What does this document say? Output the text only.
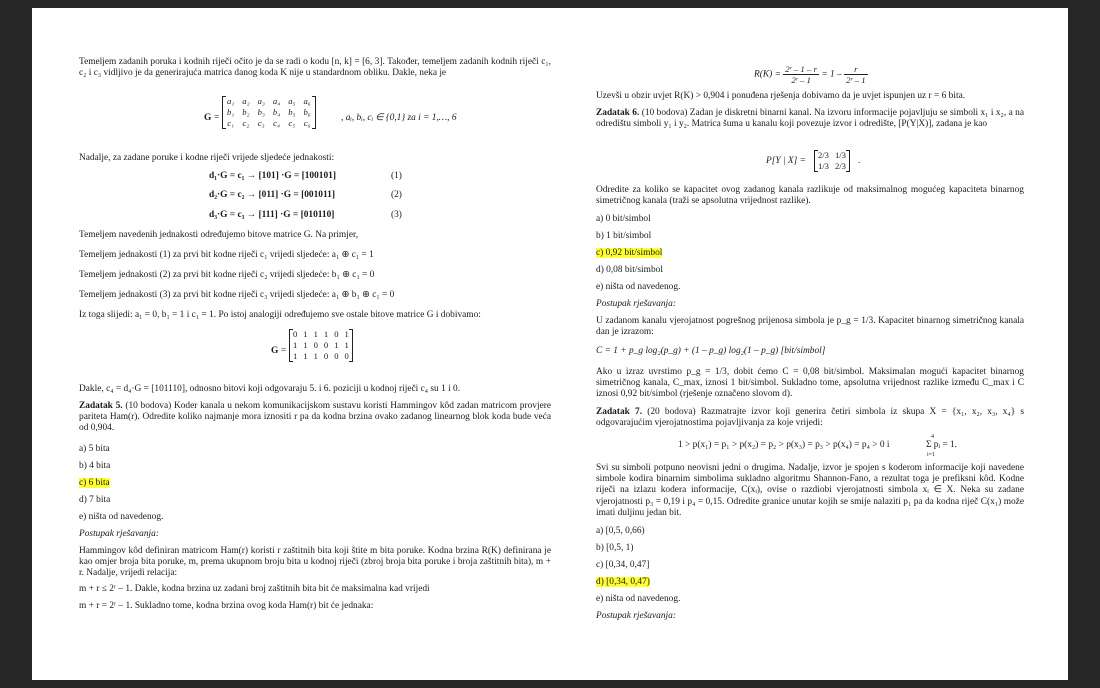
Temeljem zadanih poruka i kodnih riječi očito je da se radi o kodu [n, k] = [6, 3]. Također, temeljem zadanih kodnih riječi c₁, c₂ i c₃ vidljivo je da generirajuća matrica danog koda K nije u standardnom obliku. Dakle, neka je
G =
a₁	a₂	a₃	a₄	a₅	a₆
b₁	b₂	b₃	b₄	b₅	b₆
c₁	c₂	c₃	c₄	c₅	c₆	, aᵢ, bᵢ, cᵢ ∈ {0,1} za i = 1,…, 6
Nadalje, za zadane poruke i kodne riječi vrijede sljedeće jednakosti:
d₁·G = c₁ → [101] ·G = [100101]	(1)
d₂·G = c₂ → [011] ·G = [001011]	(2)
d₃·G = c₃ → [111] ·G = [010110]	(3)
Temeljem navedenih jednakosti određujemo bitove matrice G. Na primjer,
Temeljem jednakosti (1) za prvi bit kodne riječi c₁ vrijedi sljedeće: a₁ ⊕ c₁ = 1
Temeljem jednakosti (2) za prvi bit kodne riječi c₂ vrijedi sljedeće: b₁ ⊕ c₁ = 0
Temeljem jednakosti (3) za prvi bit kodne riječi c₃ vrijedi sljedeće: a₁ ⊕ b₁ ⊕ c₁ = 0
Iz toga slijedi: a₁ = 0, b₁ = 1 i c₁ = 1. Po istoj analogiji određujemo sve ostale bitove matrice G i dobivamo:
G =
0	1	1	1	0	1
1	1	0	0	1	1
1	1	1	0	0	0
Dakle, c₄ = d₄·G = [101110], odnosno bitovi koji odgovaraju 5. i 6. poziciji u kodnoj riječi c₄ su 1 i 0.
Zadatak 5. (10 bodova) Koder kanala u nekom komunikacijskom sustavu koristi Hammingov kôd zadan matricom provjere pariteta Ham(r). Odredite koliko najmanje mora iznositi r pa da kodna brzina ovako zadanog linearnog blok koda bude veća od 0,904.
a) 5 bita
b) 4 bita
c) 6 bita
d) 7 bita
e) ništa od navedenog.
Postupak rješavanja:
Hammingov kôd definiran matricom Ham(r) koristi r zaštitnih bita koji štite m bita poruke. Kodna brzina R(K) definirana je kao omjer broja bita poruke, m, prema ukupnom broju bita u kodnoj riječi (zbroj broja bita poruke i broja zaštitnih bita), m + r. Nadalje, vrijedi relacija:
m + r ≤ 2ʳ – 1. Dakle, kodna brzina uz zadani broj zaštitnih bita bit će maksimalna kad vrijedi
m + r = 2ʳ – 1. Sukladno tome, kodna brzina ovog koda Ham(r) bit će jednaka:
$R(K) = \frac{\text{2ʳ – 1 – r}}{\text{2ʳ – 1}} = 1 - \frac{r}{\text{2ʳ – 1}}$
Uzevši u obzir uvjet R(K) > 0,904 i ponuđena rješenja dobivamo da je uvjet ispunjen uz r = 6 bita.
Zadatak 6. (10 bodova) Zadan je diskretni binarni kanal. Na izvoru informacije pojavljuju se simboli x₁ i x₂, a na odredištu simboli y₁ i y₂. Matrica šuma u kanalu koji povezuje izvor i odredište, [P(Y|X)], zadana je kao
P[Y | X] =
2/3	1/3
1/3	2/3 .
Odredite za koliko se kapacitet ovog zadanog kanala razlikuje od maksimalnog mogućeg kapaciteta binarnog simetričnog kanala (traži se apsolutna vrijednost razlike).
a) 0 bit/simbol
b) 1 bit/simbol
c) 0,92 bit/simbol
d) 0,08 bit/simbol
e) ništa od navedenog.
Postupak rješavanja:
U zadanom kanalu vjerojatnost pogrešnog prijenosa simbola je p_g = 1/3. Kapacitet binarnog simetričnog kanala dan je izrazom:
C = 1 + p_g log₂(p_g) + (1 – p_g) log₂(1 – p_g) [bit/simbol]
Ako u izraz uvrstimo p_g = 1/3, dobit ćemo C = 0,08 bit/simbol. Maksimalan mogući kapacitet binarnog simetričnog kanala, C_max, iznosi 1 bit/simbol. Sukladno tome, apsolutna vrijednost razlike između C_max i C iznosi 0,92 bit/simbol (rješenje označeno slovom d).
Zadatak 7. (20 bodova) Razmatrajte izvor koji generira četiri simbola iz skupa X = {x₁, x₂, x₃, x₄} s odgovarajućim vjerojatnostima pojavljivanja za koje vrijedi:
1 > p(x₁) = p₁ > p(x₂) = p₂ > p(x₃) = p₃ > p(x₄) = p₄ > 0 i
4
i=1
Σ pᵢ = 1.
Svi su simboli potpuno neovisni jedni o drugima. Nadalje, izvor je spojen s koderom informacije koji navedene simbole kodira binarnim simbolima sukladno algoritmu Shannon-Fano, a rezultat toga je prefiksni kôd. Kodne riječi na izlazu kodera informacije, C(xᵢ), ovise o razdiobi vjerojatnosti simbola xᵢ ∈ X. Neka su zadane vjerojatnosti p₃ = 0,19 i p₄ = 0,15. Odredite granice unutar kojih se smije nalaziti p₁ pa da kodna riječ C(x₁) može imati duljinu jedan bit.
a) [0,5, 0,66)
b) [0,5, 1)
c) [0,34, 0,47]
d) [0,34, 0,47)
e) ništa od navedenog.
Postupak rješavanja:
